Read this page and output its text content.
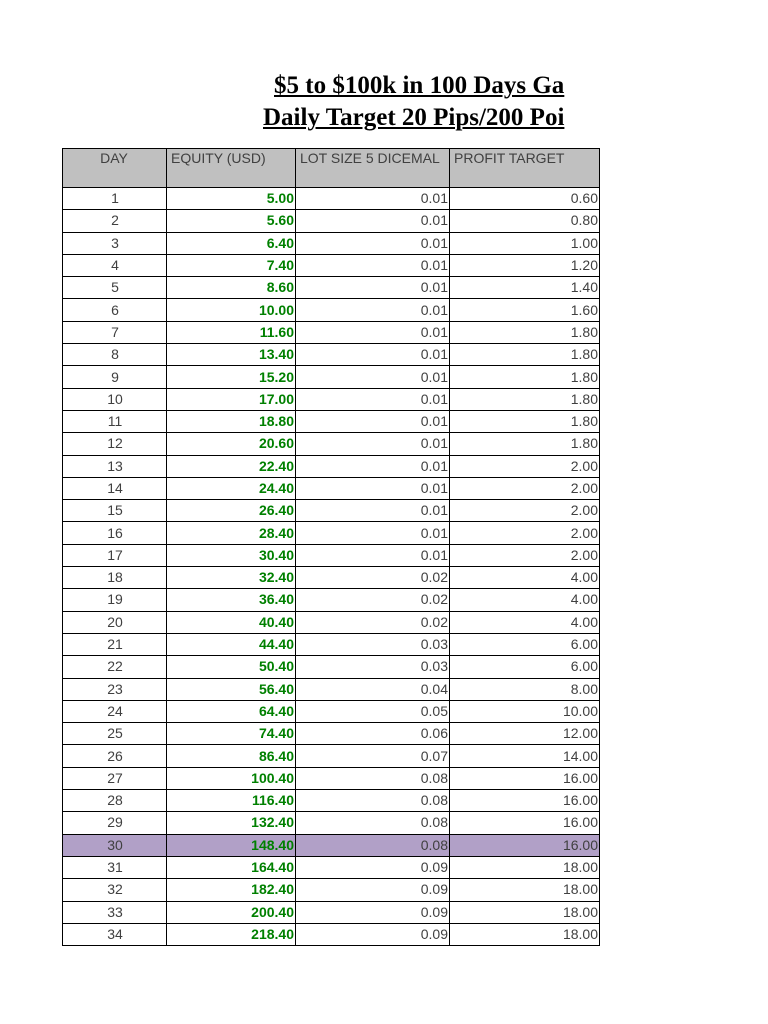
$5 to $100k in 100 Days Ga
Daily Target 20 Pips/200 Poi
DAY	EQUITY (USD)	LOT SIZE 5 DICEMAL	PROFIT TARGET
1	5.00	0.01	0.60
2	5.60	0.01	0.80
3	6.40	0.01	1.00
4	7.40	0.01	1.20
5	8.60	0.01	1.40
6	10.00	0.01	1.60
7	11.60	0.01	1.80
8	13.40	0.01	1.80
9	15.20	0.01	1.80
10	17.00	0.01	1.80
11	18.80	0.01	1.80
12	20.60	0.01	1.80
13	22.40	0.01	2.00
14	24.40	0.01	2.00
15	26.40	0.01	2.00
16	28.40	0.01	2.00
17	30.40	0.01	2.00
18	32.40	0.02	4.00
19	36.40	0.02	4.00
20	40.40	0.02	4.00
21	44.40	0.03	6.00
22	50.40	0.03	6.00
23	56.40	0.04	8.00
24	64.40	0.05	10.00
25	74.40	0.06	12.00
26	86.40	0.07	14.00
27	100.40	0.08	16.00
28	116.40	0.08	16.00
29	132.40	0.08	16.00
30	148.40	0.08	16.00
31	164.40	0.09	18.00
32	182.40	0.09	18.00
33	200.40	0.09	18.00
34	218.40	0.09	18.00
